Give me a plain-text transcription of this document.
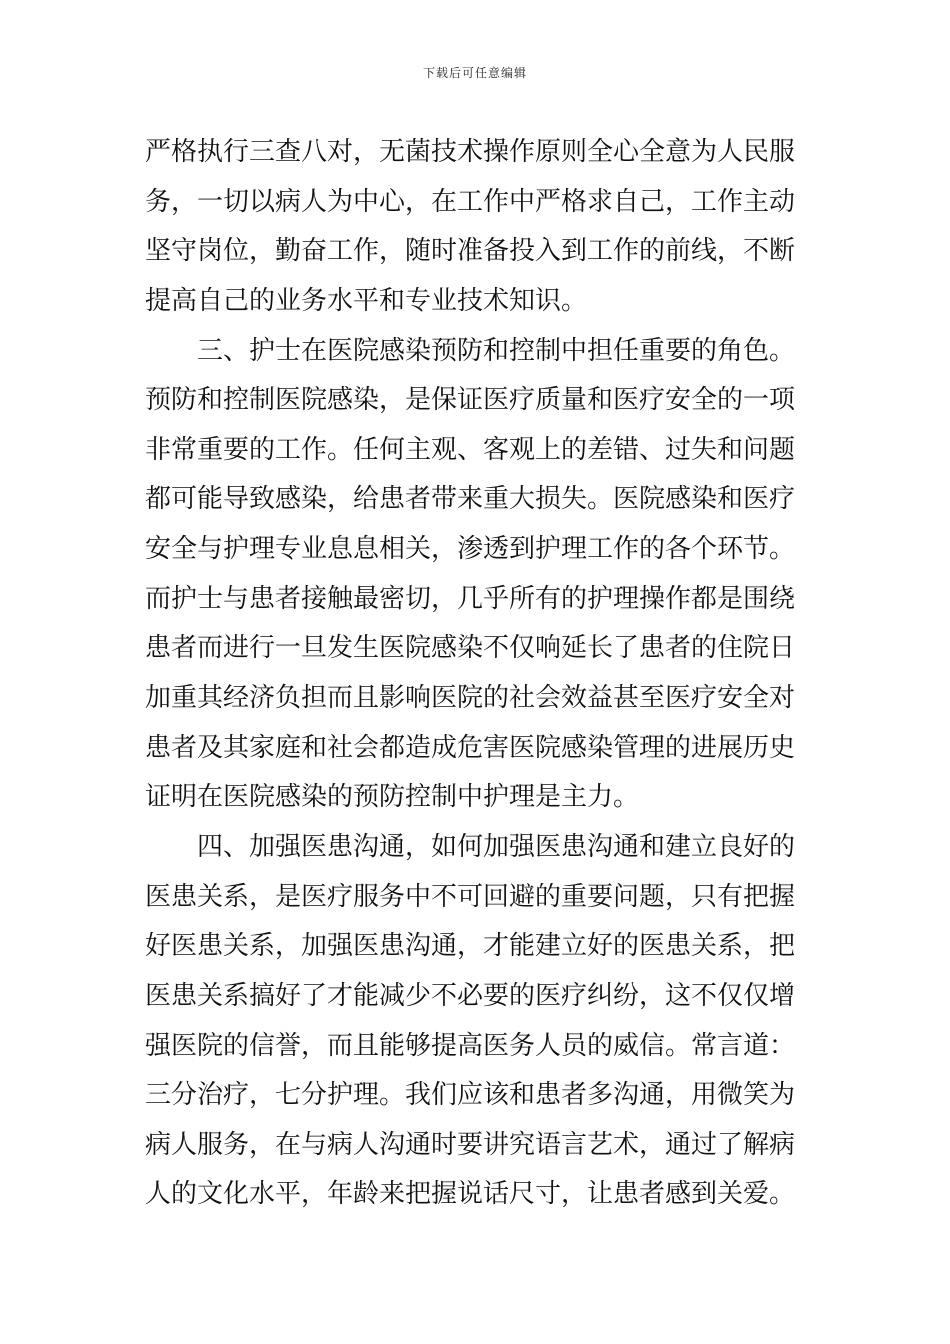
下载后可任意编辑
严格执行三查八对，无菌技术操作原则全心全意为人民服
务，一切以病人为中心，在工作中严格求自己，工作主动
坚守岗位，勤奋工作，随时准备投入到工作的前线，不断
提高自己的业务水平和专业技术知识。
三、护士在医院感染预防和控制中担任重要的角色。
预防和控制医院感染，是保证医疗质量和医疗安全的一项
非常重要的工作。任何主观、客观上的差错、过失和问题
都可能导致感染，给患者带来重大损失。医院感染和医疗
安全与护理专业息息相关，渗透到护理工作的各个环节。
而护士与患者接触最密切，几乎所有的护理操作都是围绕
患者而进行一旦发生医院感染不仅响延长了患者的住院日
加重其经济负担而且影响医院的社会效益甚至医疗安全对
患者及其家庭和社会都造成危害医院感染管理的进展历史
证明在医院感染的预防控制中护理是主力。
四、加强医患沟通，如何加强医患沟通和建立良好的
医患关系，是医疗服务中不可回避的重要问题，只有把握
好医患关系，加强医患沟通，才能建立好的医患关系，把
医患关系搞好了才能减少不必要的医疗纠纷，这不仅仅增
强医院的信誉，而且能够提高医务人员的威信。常言道：
三分治疗，七分护理。我们应该和患者多沟通，用微笑为
病人服务，在与病人沟通时要讲究语言艺术，通过了解病
人的文化水平，年龄来把握说话尺寸，让患者感到关爱。
